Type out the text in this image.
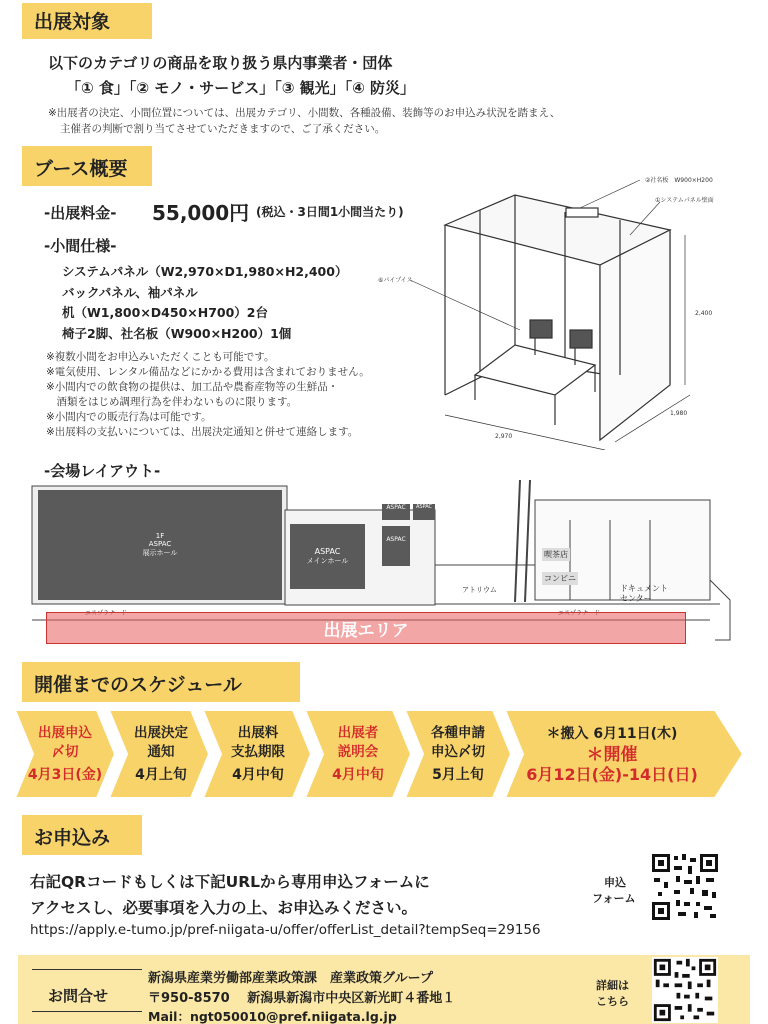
出展対象
以下のカテゴリの商品を取り扱う県内事業者・団体
「① 食」「② モノ・サービス」「③ 観光」「④ 防災」
※出展者の決定、小間位置については、出展カテゴリ、小間数、各種設備、装飾等のお申込み状況を踏まえ、
主催者の判断で割り当てさせていただきますので、ご了承ください。
ブース概要
-出展料金- 55,000円 (税込・3日間1小間当たり)
-小間仕様-
システムパネル（W2,970×D1,980×H2,400）
バックパネル、袖パネル
机（W1,800×D450×H700）2台
椅子2脚、社名板（W900×H200）1個
※複数小間をお申込みいただくことも可能です。
※電気使用、レンタル備品などにかかる費用は含まれておりません。
※小間内での飲食物の提供は、加工品や農畜産物等の生鮮品・
　酒類をはじめ調理行為を伴わないものに限ります。
※小間内での販売行為は可能です。
※出展料の支払いについては、出展決定通知と併せて連絡します。
②社名板　W900×H200
①システムパネル壁面
⑥パイプイス
2,400
1,980
2,970
-会場レイアウト-
1F
ASPAC
展示ホール	ASPAC
メインホール
ASPAC	ASPAC
ASPAC
アトリウム
喫茶店
コンビニ
ドキュメント
センター
出展エリア
開催までのスケジュール
出展申込
〆切
4月3日(金)
出展決定
通知
4月上旬
出展料
支払期限
4月中旬
出展者
説明会
4月中旬
各種申請
申込〆切
5月上旬
＊搬入 6月11日(木)
＊開催
6月12日(金)-14日(日)
お申込み
右記QRコードもしくは下記URLから専用申込フォームに
アクセスし、必要事項を入力の上、お申込みください。
https://apply.e-tumo.jp/pref-niigata-u/offer/offerList_detail?tempSeq=29156
申込
フォーム
お問合せ
新潟県産業労働部産業政策課　産業政策グループ
〒950-8570　 新潟県新潟市中央区新光町４番地１
Mail：ngt050010@pref.niigata.lg.jp
詳細は
こちら
